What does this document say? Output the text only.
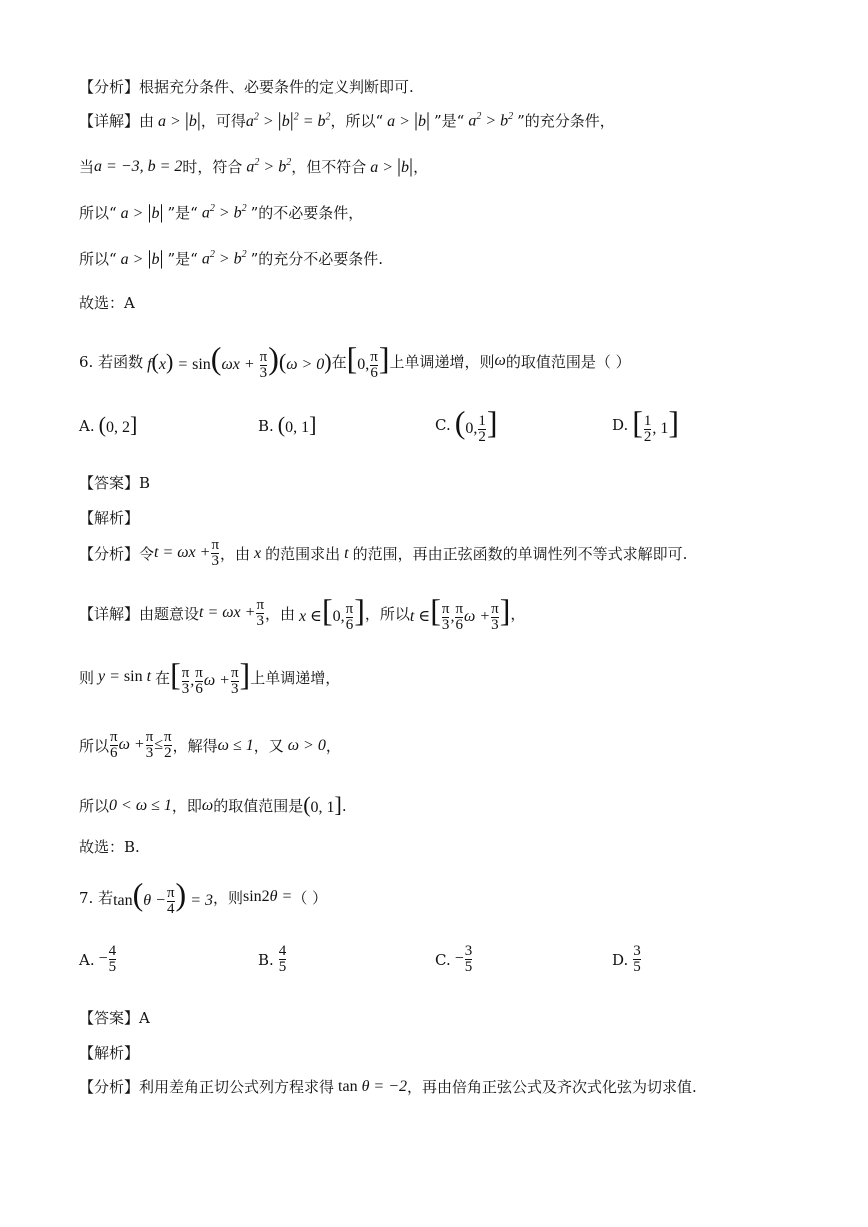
【分析】根据充分条件、必要条件的定义判断即可.
【详解】 由 a > |b| ，可得 $a^2 > |b|^2 = b^2$ ，所以“ a > |b| ”是“ $a^2 > b^2$ ”的充分条件，
当 a = −3, b = 2 时，符合 $a^2 > b^2$ ，但不符合 a > |b| ，
所以“ a > |b| ”是“ $a^2 > b^2$ ”的不必要条件，
所以“ a > |b| ”是“ $a^2 > b^2$ ”的充分不必要条件.
故选：A
6. 若函数 $f(x) = \sin(\omega x + \frac{\pi}{3} )(\omega > 0)$ 在 [0, $\frac{\pi}{6}$ ] 上单调递增，则 ω 的取值范围是（ ）
A. (0, 2]	B. (0, 1]	C. (0, $\frac{1}{2}$ ]	D. [ $\frac{1}{2}$ , 1]
【答案】B
【解析】
【分析】令 $t = \omega x + \frac{\pi}{3}$ ，由 x 的范围求出 t 的范围，再由正弦函数的单调性列不等式求解即可.
【详解】由题意设 $t = \omega x + \frac{\pi}{3}$ ，由 x ∈[0, $\frac{\pi}{6}$ ] ，所以 t ∈[ $\frac{\pi}{3}$ , $\frac{\pi}{6}$ $\omega + \frac{\pi}{3}$ ] ，
则 y = sin t 在 [ $\frac{\pi}{3}$ , $\frac{\pi}{6}$ $\omega + \frac{\pi}{3}$ ] 上单调递增，
所以 $\frac{\pi}{6}$ $\omega + \frac{\pi}{3} \le \frac{\pi}{2}$ ，解得 ω ≤ 1 ，又 ω > 0 ，
所以 0 < ω ≤ 1 ，即 ω 的取值范围是 (0, 1] .
故选：B.
7. 若 $\tan(\theta - \frac{\pi}{4}$ ) = 3 ，则 sin2θ = （ ）
A. − $\frac{4}{5}$	B.
$\frac{4}{5}$	C. − $\frac{3}{5}$	D.
$\frac{3}{5}$
【答案】A
【解析】
【分析】利用差角正切公式列方程求得 tan θ = −2 ，再由倍角正弦公式及齐次式化弦为切求值.
